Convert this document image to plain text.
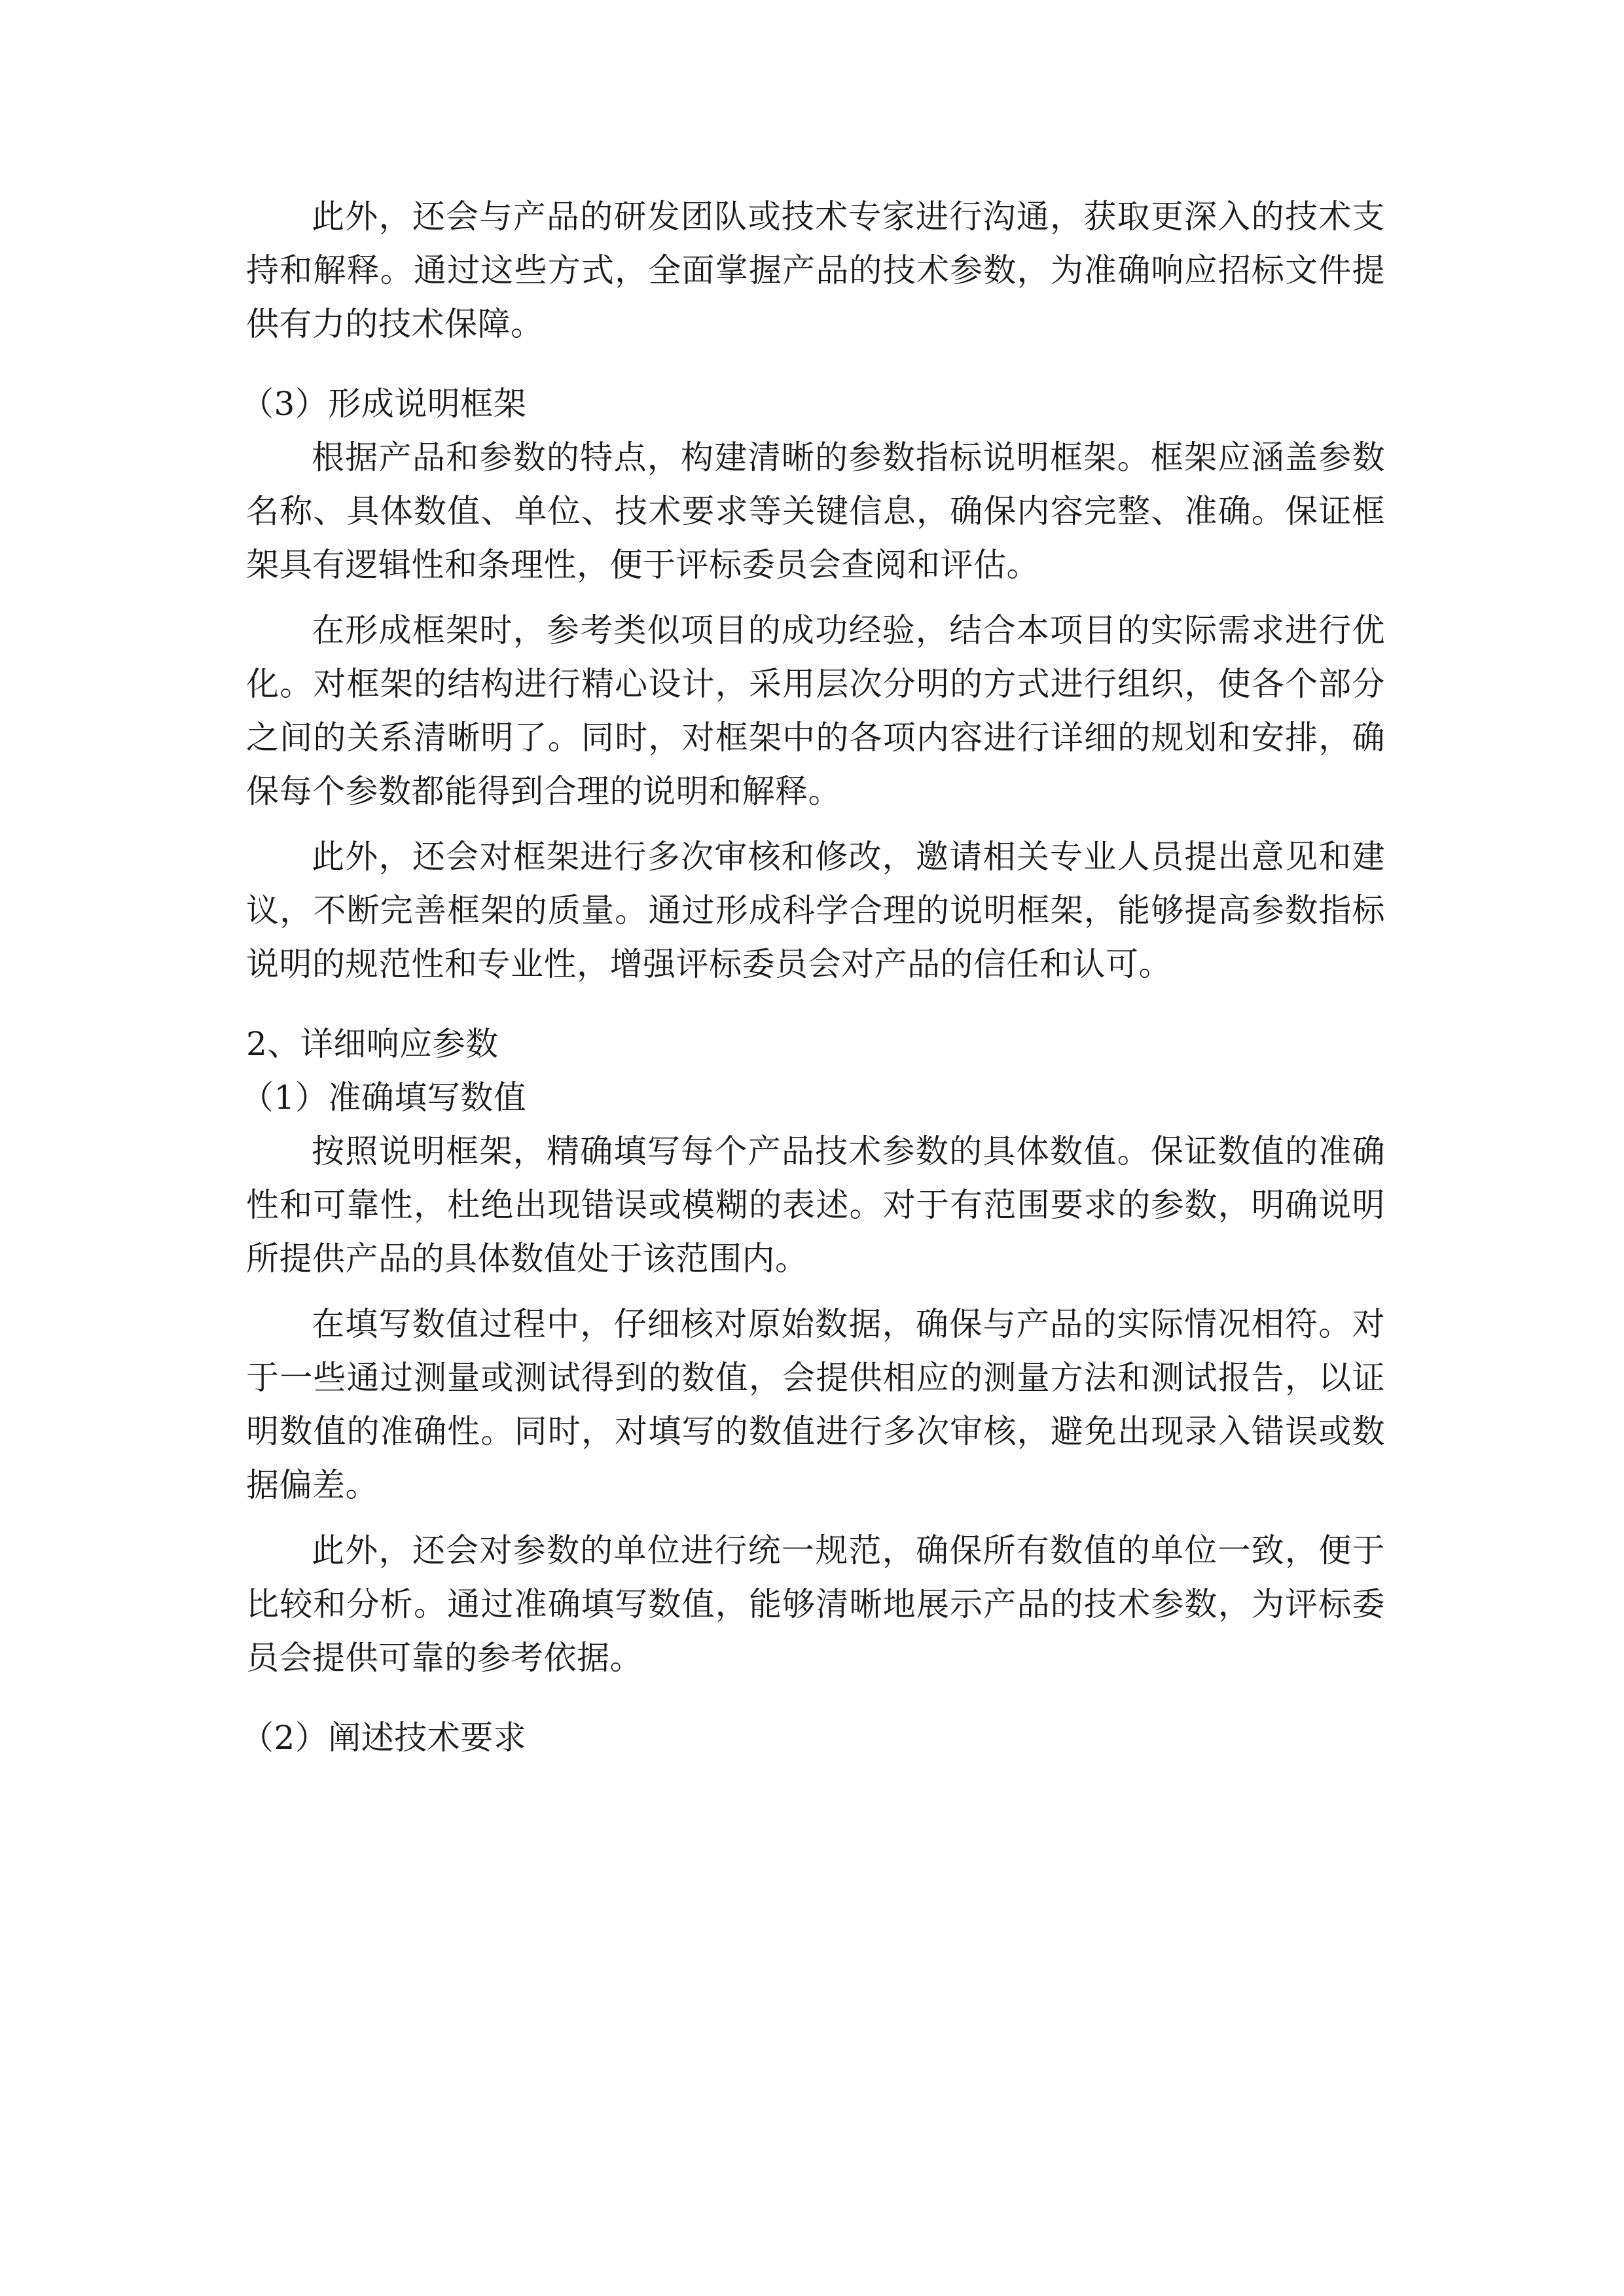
此外，还会与产品的研发团队或技术专家进行沟通，获取更深入的技术支持和解释。通过这些方式，全面掌握产品的技术参数，为准确响应招标文件提供有力的技术保障。

（3）形成说明框架

根据产品和参数的特点，构建清晰的参数指标说明框架。框架应涵盖参数名称、具体数值、单位、技术要求等关键信息，确保内容完整、准确。保证框架具有逻辑性和条理性，便于评标委员会查阅和评估。

在形成框架时，参考类似项目的成功经验，结合本项目的实际需求进行优化。对框架的结构进行精心设计，采用层次分明的方式进行组织，使各个部分之间的关系清晰明了。同时，对框架中的各项内容进行详细的规划和安排，确保每个参数都能得到合理的说明和解释。

此外，还会对框架进行多次审核和修改，邀请相关专业人员提出意见和建议，不断完善框架的质量。通过形成科学合理的说明框架，能够提高参数指标说明的规范性和专业性，增强评标委员会对产品的信任和认可。

2、详细响应参数

（1）准确填写数值

按照说明框架，精确填写每个产品技术参数的具体数值。保证数值的准确性和可靠性，杜绝出现错误或模糊的表述。对于有范围要求的参数，明确说明所提供产品的具体数值处于该范围内。

在填写数值过程中，仔细核对原始数据，确保与产品的实际情况相符。对于一些通过测量或测试得到的数值，会提供相应的测量方法和测试报告，以证明数值的准确性。同时，对填写的数值进行多次审核，避免出现录入错误或数据偏差。

此外，还会对参数的单位进行统一规范，确保所有数值的单位一致，便于比较和分析。通过准确填写数值，能够清晰地展示产品的技术参数，为评标委员会提供可靠的参考依据。

（2）阐述技术要求
